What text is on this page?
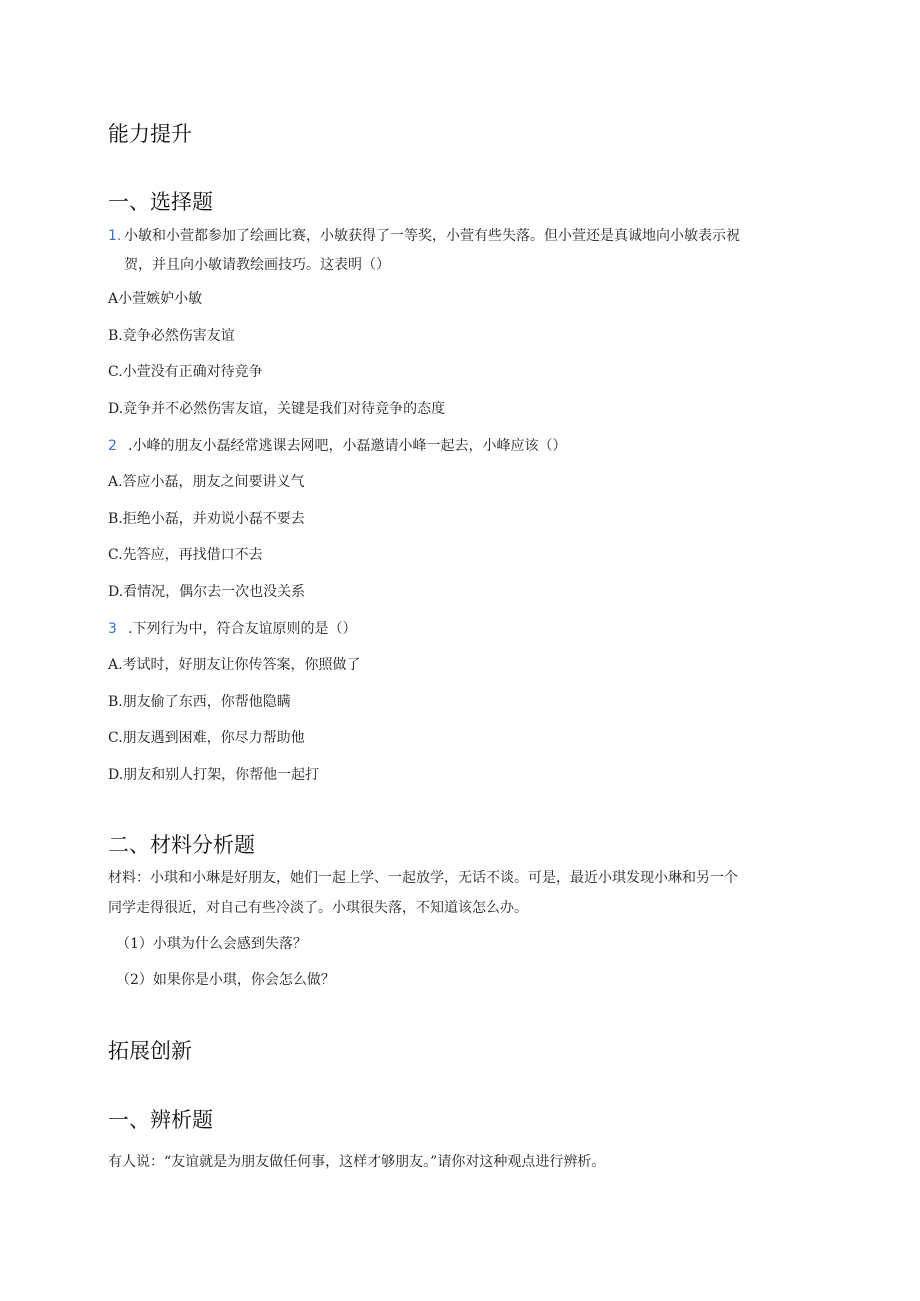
能力提升
一、选择题
1. 小敏和小萱都参加了绘画比赛，小敏获得了一等奖，小萱有些失落。但小萱还是真诚地向小敏表示祝
贺，并且向小敏请教绘画技巧。这表明（）
A小萱嫉妒小敏
B.竞争必然伤害友谊
C.小萱没有正确对待竞争
D.竞争并不必然伤害友谊，关键是我们对待竞争的态度
2 .小峰的朋友小磊经常逃课去网吧，小磊邀请小峰一起去，小峰应该（）
A.答应小磊，朋友之间要讲义气
B.拒绝小磊，并劝说小磊不要去
C.先答应，再找借口不去
D.看情况，偶尔去一次也没关系
3 .下列行为中，符合友谊原则的是（）
A.考试时，好朋友让你传答案，你照做了
B.朋友偷了东西，你帮他隐瞒
C.朋友遇到困难，你尽力帮助他
D.朋友和别人打架，你帮他一起打
二、材料分析题
材料：小琪和小琳是好朋友，她们一起上学、一起放学，无话不谈。可是，最近小琪发现小琳和另一个
同学走得很近，对自己有些冷淡了。小琪很失落，不知道该怎么办。
（1）小琪为什么会感到失落？
（2）如果你是小琪，你会怎么做？
拓展创新
一、辨析题
有人说：“友谊就是为朋友做任何事，这样才够朋友。”请你对这种观点进行辨析。
